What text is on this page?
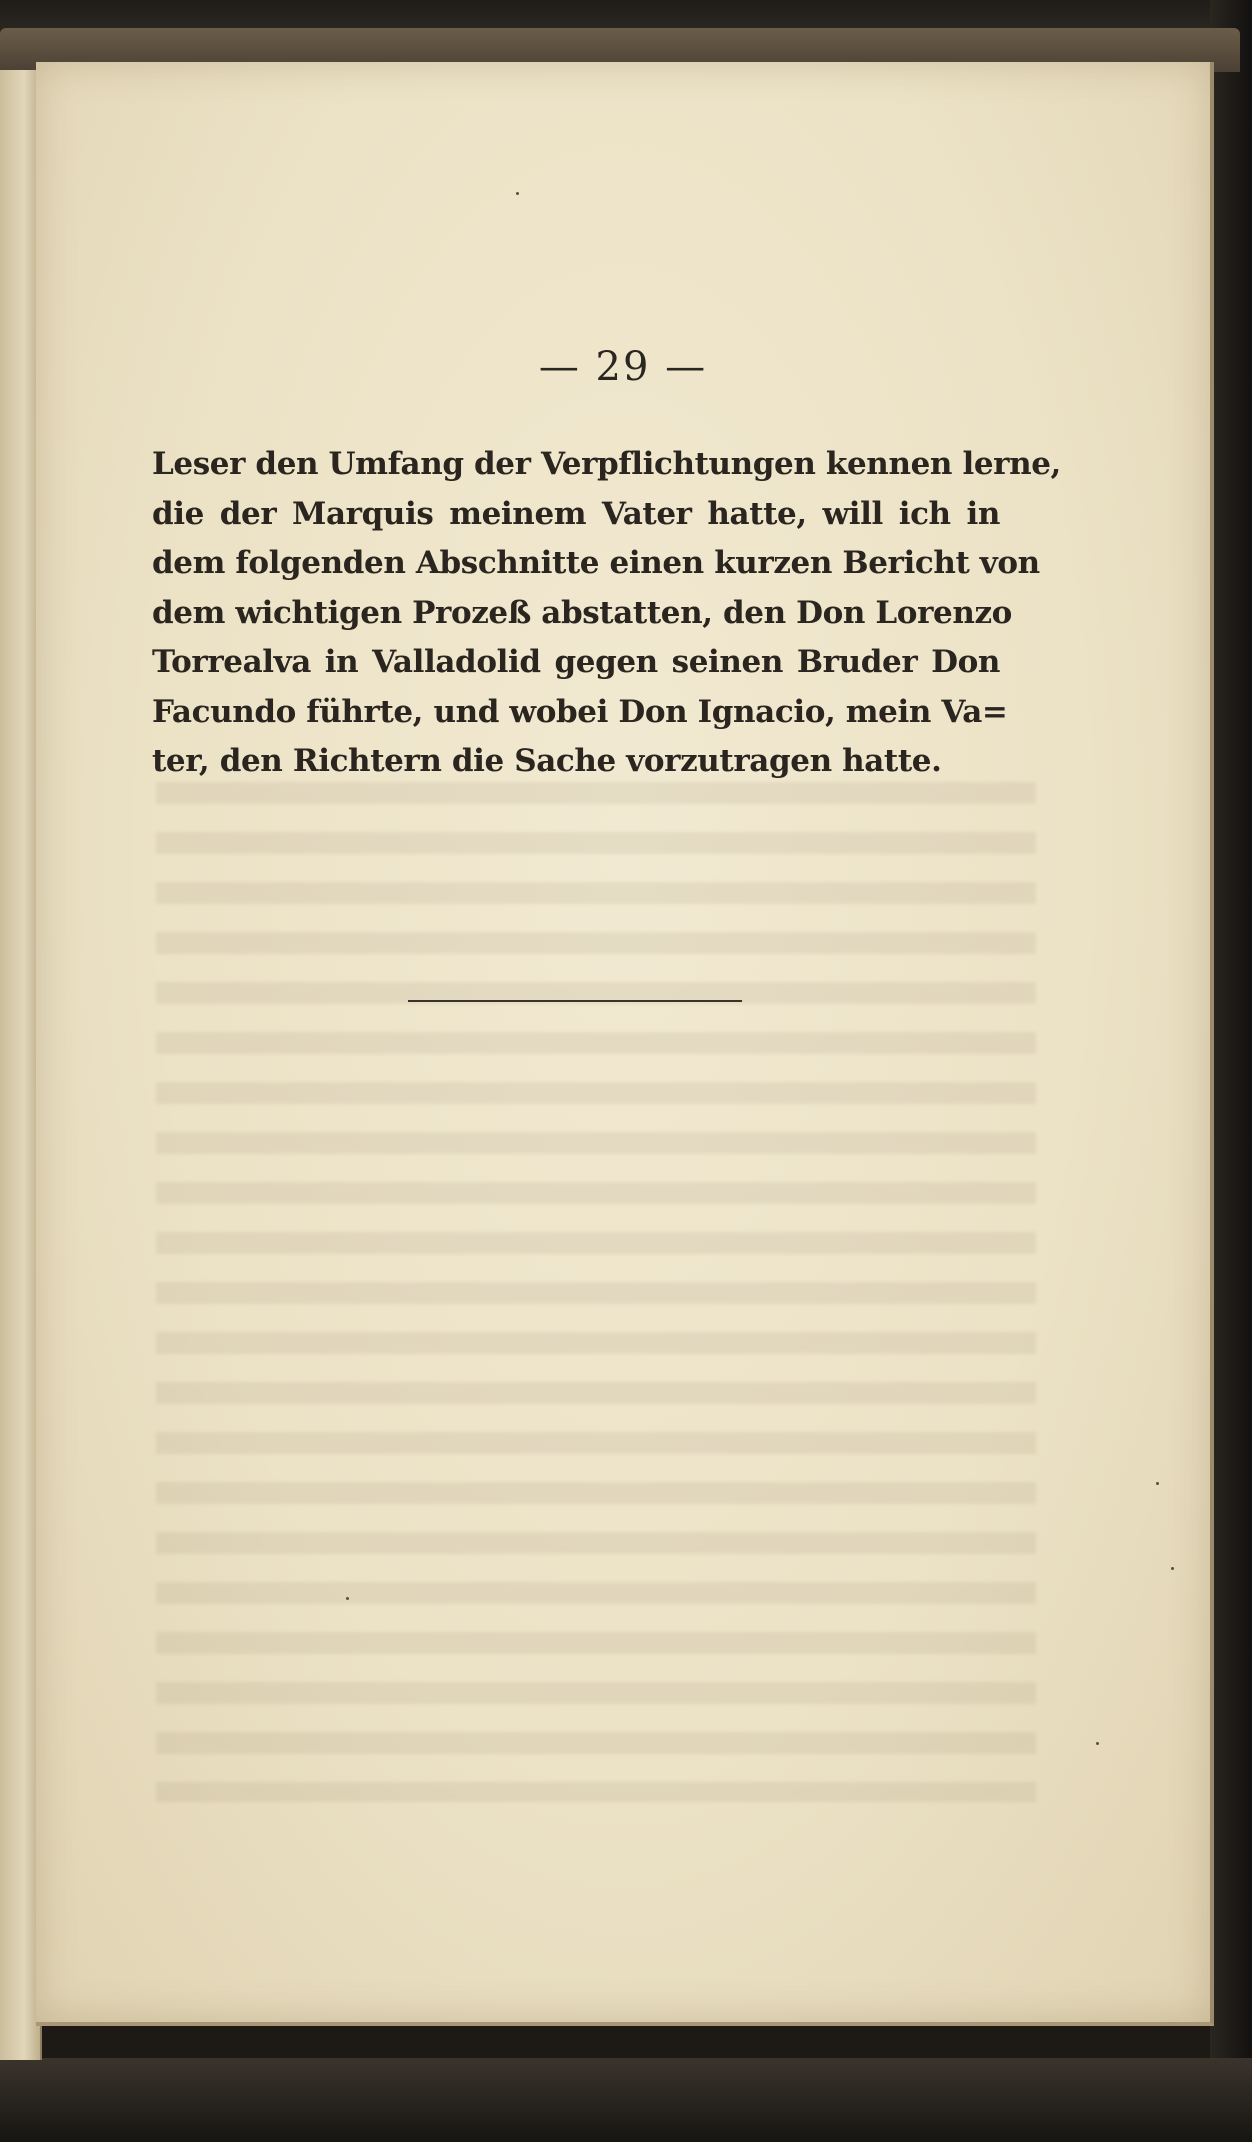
— 29 —
Leser den Umfang der Verpflichtungen kennen lerne,
die der Marquis meinem Vater hatte, will ich in
dem folgenden Abschnitte einen kurzen Bericht von
dem wichtigen Prozeß abstatten, den Don Lorenzo
Torrealva in Valladolid gegen seinen Bruder Don
Facundo führte, und wobei Don Ignacio, mein Va=
ter, den Richtern die Sache vorzutragen hatte.
